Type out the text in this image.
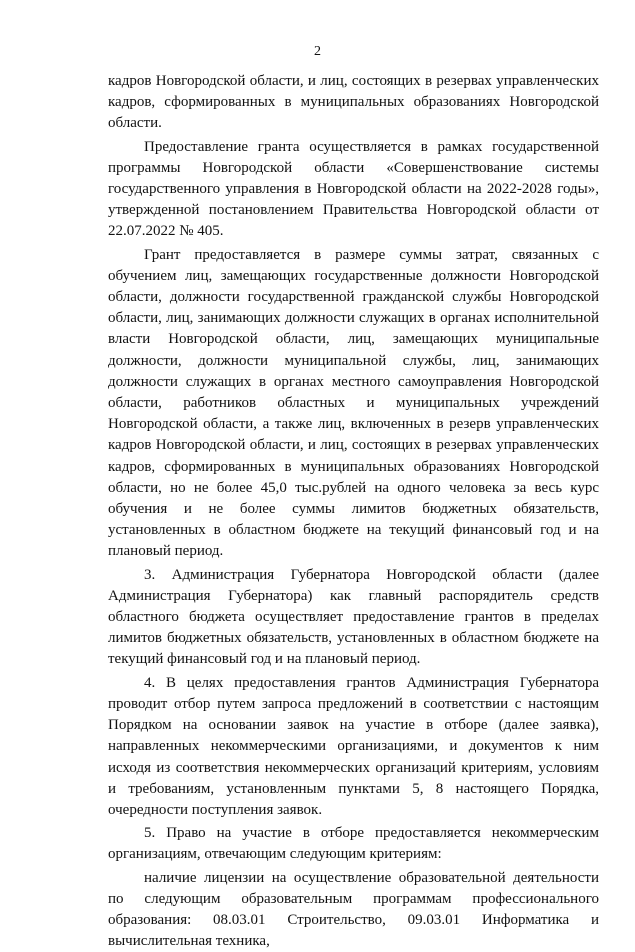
2

кадров Новгородской области, и лиц, состоящих в резервах управленческих кадров, сформированных в муниципальных образованиях Новгородской области.

Предоставление гранта осуществляется в рамках государственной программы Новгородской области «Совершенствование системы государственного управления в Новгородской области на 2022-2028 годы», утвержденной постановлением Правительства Новгородской области от 22.07.2022 № 405.

Грант предоставляется в размере суммы затрат, связанных с обучением лиц, замещающих государственные должности Новгородской области, должности государственной гражданской службы Новгородской области, лиц, занимающих должности служащих в органах исполнительной власти Новгородской области, лиц, замещающих муниципальные должности, должности муниципальной службы, лиц, занимающих должности служащих в органах местного самоуправления Новгородской области, работников областных и муниципальных учреждений Новгородской области, а также лиц, включенных в резерв управленческих кадров Новгородской области, и лиц, состоящих в резервах управленческих кадров, сформированных в муниципальных образованиях Новгородской области, но не более 45,0 тыс.рублей на одного человека за весь курс обучения и не более суммы лимитов бюджетных обязательств, установленных в областном бюджете на текущий финансовый год и на плановый период.

3. Администрация Губернатора Новгородской области (далее Администрация Губернатора) как главный распорядитель средств областного бюджета осуществляет предоставление грантов в пределах лимитов бюджетных обязательств, установленных в областном бюджете на текущий финансовый год и на плановый период.

4. В целях предоставления грантов Администрация Губернатора проводит отбор путем запроса предложений в соответствии с настоящим Порядком на основании заявок на участие в отборе (далее заявка), направленных некоммерческими организациями, и документов к ним исходя из соответствия некоммерческих организаций критериям, условиям и требованиям, установленным пунктами 5, 8 настоящего Порядка, очередности поступления заявок.

5. Право на участие в отборе предоставляется некоммерческим организациям, отвечающим следующим критериям:

наличие лицензии на осуществление образовательной деятельности по следующим образовательным программам профессионального образования: 08.03.01 Строительство, 09.03.01 Информатика и вычислительная техника,
